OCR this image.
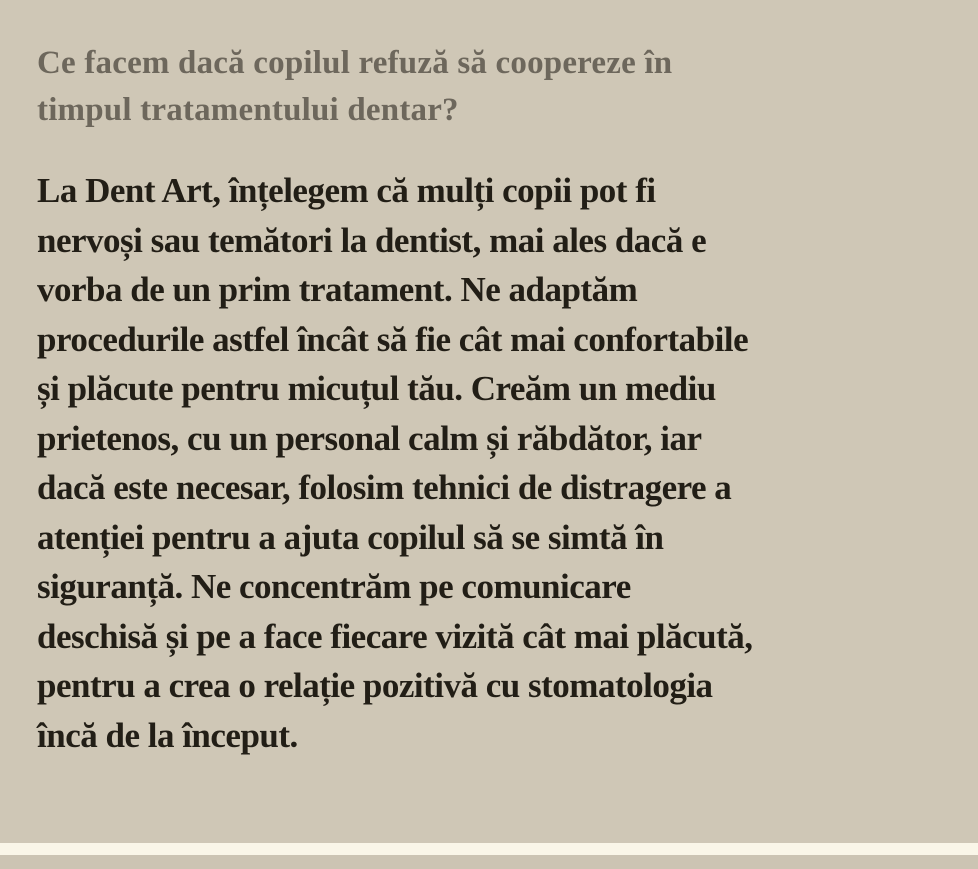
Ce facem dacă copilul refuză să coopereze în
timpul tratamentului dentar?
La Dent Art, înțelegem că mulți copii pot fi
nervoși sau temători la dentist, mai ales dacă e
vorba de un prim tratament. Ne adaptăm
procedurile astfel încât să fie cât mai confortabile
și plăcute pentru micuțul tău. Creăm un mediu
prietenos, cu un personal calm și răbdător, iar
dacă este necesar, folosim tehnici de distragere a
atenției pentru a ajuta copilul să se simtă în
siguranță. Ne concentrăm pe comunicare
deschisă și pe a face fiecare vizită cât mai plăcută,
pentru a crea o relație pozitivă cu stomatologia
încă de la început.
